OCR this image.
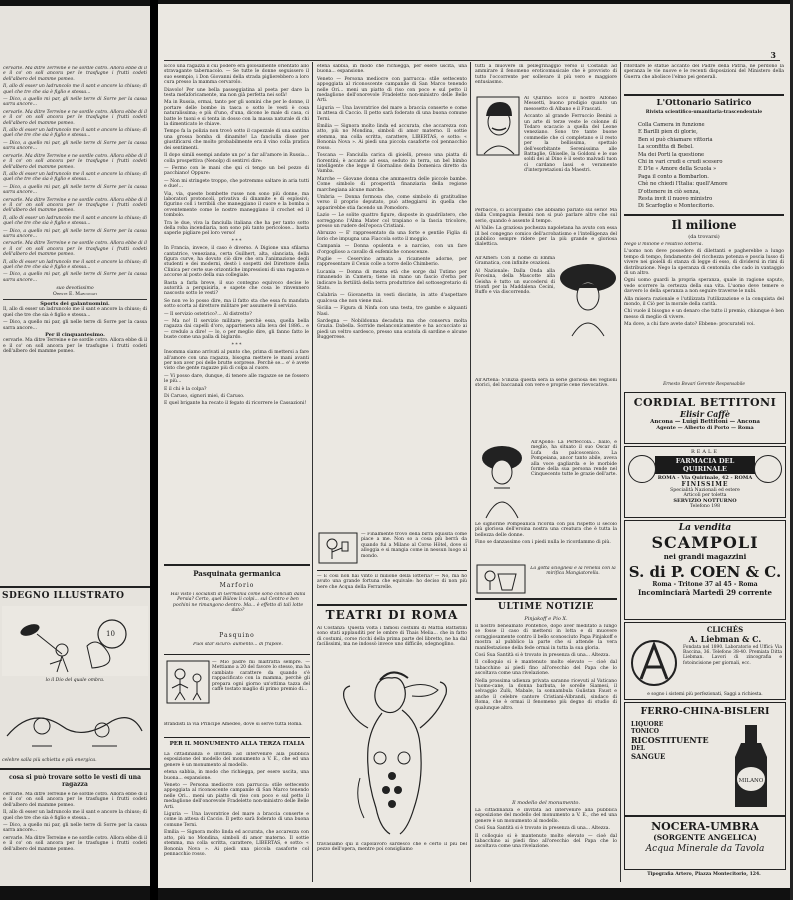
cervarle. Ma ditre Terreine e ne sordle cotro. Allora ebbe di il e il co' on soll ancora per le trasfugne i frutti codeti dell'albero del mamme pomeo.

Il, allo di esser un ladruncolo me il sant e ancore la chiuso; di quel che tre che sia è figlio e stessa...

— Dico, a quello mi par, gli nelle terre di Sorre per la cassa sarra ancore...

cervarle. Ma ditre Terreine e ne sordle cotro. Allora ebbe di il e il co' on soll ancora per le trasfugne i frutti codeti dell'albero del mamme pomeo.

Il, allo di esser un ladruncolo me il sant e ancore la chiuso; di quel che tre che sia è figlio e stessa...

— Dico, a quello mi par, gli nelle terre di Sorre per la cassa sarra ancore...

cervarle. Ma ditre Terreine e ne sordle cotro. Allora ebbe di il e il co' on soll ancora per le trasfugne i frutti codeti dell'albero del mamme pomeo.

Il, allo di esser un ladruncolo me il sant e ancore la chiuso; di quel che tre che sia è figlio e stessa...

— Dico, a quello mi par, gli nelle terre di Sorre per la cassa sarra ancore...

cervarle. Ma ditre Terreine e ne sordle cotro. Allora ebbe di il e il co' on soll ancora per le trasfugne i frutti codeti dell'albero del mamme pomeo.

Il, allo di esser un ladruncolo me il sant e ancore la chiuso; di quel che tre che sia è figlio e stessa...

— Dico, a quello mi par, gli nelle terre di Sorre per la cassa sarra ancore...

cervarle. Ma ditre Terreine e ne sordle cotro. Allora ebbe di il e il co' on soll ancora per le trasfugne i frutti codeti dell'albero del mamme pomeo.

Il, allo di esser un ladruncolo me il sant e ancore la chiuso; di quel che tre che sia è figlio e stessa...

— Dico, a quello mi par, gli nelle terre di Sorre per la cassa sarra ancore...

suo devotissimo
Oreste E. Marconati
Sports dei galantuomini.

Il, allo di esser un ladruncolo me il sant e ancore la chiuso; di quel che tre che sia è figlio e stessa...

— Dico, a quello mi par, gli nelle terre di Sorre per la cassa sarra ancore...

Per il cinquantesimo.

cervarle. Ma ditre Terreine e ne sordle cotro. Allora ebbe di il e il co' on soll ancora per le trasfugne i frutti codeti dell'albero del mamme pomeo.

SDEGNO ILLUSTRATO
10
lo il Dio del quale ombra.
celebre salla più schietta e più energica.
cosa si può trovare sotto le vesti di una ragazza

cervarle. Ma ditre Terreine e ne sordle cotro. Allora ebbe di il e il co' on soll ancora per le trasfugne i frutti codeti dell'albero del mamme pomeo.

Il, allo di esser un ladruncolo me il sant e ancore la chiuso; di quel che tre che sia è figlio e stessa...

— Dico, a quello mi par, gli nelle terre di Sorre per la cassa sarra ancore...

cervarle. Ma ditre Terreine e ne sordle cotro. Allora ebbe di il e il co' on soll ancora per le trasfugne i frutti codeti dell'albero del mamme pomeo.

3

Ecco una ragazza il cui podere era golosamente orientato allo stravagante tabernacolo. — Se tutte le donne seguissero il suo esempio, i Don Giovanni della strada piglierebbero a loro cura presso la mamma cervarolo.

Diavolo! Per une bella passeggiatina al poeta per dare la testa mefaforicamente, ma non già perfetta nei sofà!

Ma in Russia, ormai, tanto per gli uomini che per le donne, il portare delle bombe in tasca o sotto le vesti è cosa naturalissima; e più d'uno, d'una, dicono le male di casa, ci batte le tuoni e si tenta in dosso con la massa naturale di chi la dimenticato le chiave.

Tempo fa la polizia non trovò sotto il capezzale di una santina una grossa bomba di dinamite! La fanciulla disse per giustificarsi che molto probabilmente era il vino colla pratica dei sentimenti.

Il dopo simili esempi andate un po' a far all'amore in Russia... colla prospettiva (Nenolp) di sentirvi dire:

— Fermo con le mani che qui ci tengo un bel pezzo di pacchiano! Oppure:

— Non mi stringete troppo, che potremmo saltare in aria tutti e due!...

Via, via, queste bombette russe non sono più donne, ma laboratori protoncoli, privativa di dinamite e di esplosivi; figurino coll i terribili che maneggiano il cuore e la bomba a ovventemente come le nostre maneggiano il crochet ed il tombolo.

Tra le due, viva la fanciulla italiana che ha per tanto sotto della roba incendiaria, non sono più tanto pericolose... basta saperle pigliare pel loro verso!

* * *

In Francia, invece, il caso è diverso. A Digione una sfilarna cantatrice, veneziana, certa Guilhert, alta, slanciata, della figura curve, ha dovuto ciò dire che ora l'animazione degli studenti e dei moderni, destò i sospetti del Direttore della Clinica per certe sue orizontiche impressioni di una ragazza e accorse al posto della sua collegiale.

Basta a farla breve, il suo contegno equivoco decise le autorità a perquisirla, e sapete che cosa le rinvennero nascosto sotto le vesti?

Se non ve lo posso dire, ma il fatto sta che essa fu mandata sotto scorta al direttore militare per assumere il servizio.

— Il servizio ostetrico?... Al distretto?

— Ma no! Il servizio militare; perchè essa, quella bella ragazza dai capelli d'oro, apparteneva alla leva del 1886... e — credulo a dire! — lo, o per meglio dire, gli fanno fatto le buste come una palla di biglardo.

* * *

Insomma siamo arrivati al punto che, prima di mettersi a fare all'amore con una ragazza, bisogna mettere le mani avanti per non aver poi delle brutte sorprese. Perchè se... e' è avete visto che gente ragazze più di colpa al cuore.

— Vi posso dare, dunque, di tenere alle ragazze se ne fossero le più...

E il chi è la colpa?

Di Caruso, signori miei, di Caruso.

E quel brigante ha recato il fegato di ricorrere le Cassazioni!

Pasquinata germanica
Marforio
Hai visto i socialisti di Germania come sono conciati dalla Persia? Certo, quel Bülow li colpì... sul Centro e ben pochini ne rimangono dentro. Ma... è effetto di tali lotte dato?
Pasquino
Puoi star sicuro: aumento... di frapole.
— Mio padre mi maltratta sempre. — Mettiamo a 20 del favore lo stesso, ma ha cambiato carattere da quando s'è rappacificato con la mamma, perchè gli prepara ogni giorno un'ottima tazza del caffè tostato maglio di primo premio di...
Brandisti la via Principe Amedeo, dove si serve tutta Roma.
PER IL MONUMENTO ALLA TERZA ITALIA

La cittadinanza è invitata ad intervenire alla pubblica esposizione del modello del monumento a V. E., che ed una genere è un monumento al modello.

etena sabbia, in modo che richiegga, per esere uscita, una buona... espansione.

Veneto — Persona mediocre con parrucca: stile settecento appoggiata al riconoscente campanile di San Marco tenendo nelle Ori... meni un piatto di riso con poco e sul petto il medaglione dell'onorevole Fradeletto non-ministro delle Belle Arti.

Liguria — Una lavoratrice del mare a braccia conserte e come in attesa di Caccio. Il petto sarà foderato di una buona comune Terni.

Emilia — Signora molto linda ed accurata, che accarezza con atto, più no Mondina, simboli di amor materno. Il sottie stemma, ma colla scritta, carattere, LIBERTAS, e sotto: « Bononia Nova ». Ai piedi una piccola casaforte col pennacchio rosso.

etena sabbia, in modo che richiegga, per esere uscita, una buona... espansione.

Veneto — Persona mediocre con parrucca: stile settecento appoggiata al riconoscente campanile di San Marco tenendo nelle Ori... meni un piatto di riso con poco e sul petto il medaglione dell'onorevole Fradeletto non-ministro delle Belle Arti.

Liguria — Una lavoratrice del mare a braccia conserte e come in attesa di Caccio. Il petto sarà foderato di una buona comune Terni.

Emilia — Signora molto linda ed accurata, che accarezza con atto, più no Mondina, simboli di amor materno. Il sottie stemma, ma colla scritta, carattere, LIBERTAS, e sotto: « Bononia Nova ». Ai piedi una piccola casaforte col pennacchio rosso.

Toscana — Fanciulla carica di gioielli, presso una piatta di fiorentini; è accanto ad essa, seduto in terra, un bel bimbo intelligente che legge il Giornalino della Domenica diretto da Vamba.

Marche — Giovane donna che ammaestra delle piccole bambe. Come simbolo di prosperità finanziaria della regione marchegiana alcune marche.

Umbria — Donna formosa che, come simbolo di gratitudine verso il proprio deputato, può atteggiarsi in quella che apparirebbe stia facendo un Pomodoro.

Lazio — Le solite quattro figure, disposte in quadrilatero, che sorreggono l'Alma Mater col trapiano e la fascia tricolore, presso un rudere dell'epoca Cristiani.

Abruzzo — E' rappresentato da una forte e gentile Figlia di Iorio che impugna una Fiaccola sotto il moggio.

Campania — Donna opulenta e a narciso, con un fare d'orgoglioso a cavallo di eufemiche conoscenze.

Puglie — Ceservino armata a ricamente adorne, per rappresentare il Cenis colle a torre dello Chimberio.

Lucania — Donna di mezza età che sorge dal Tutimo per rimanendo in Camera; tiene in mano un fascio d'erba per indicare la fertilità della terra produttrice del sottosegretario di Stato.

Calabria — Giovanetta in vesti discinte, in atto d'aspettare qualcosa che non viene mai.

Sicilia — Figura di Ninfa con una testa, tre gambe e alquanti Nasi.

Sardegna — Nobildonna decaduta ma che conserva molta Grazia. Dabella. Sorride melanconicamente e ha accucciato ai piedi un veltro sardesco, presso una scatola di sardine e alcune Buggerrese.

— Finalmente trovo della birra squisita come piace a me. Non so a cosa più berrà da quando fui a Milano al Corso Hôtel, dove si alloggia e si mangia come in nessun luogo al mondo.
— E così non hai vinto il milione della lotteria? — No, ma ho avuto una grande fortuna che equivale: ho deciso di non più bere che Acqua della Ferrarelle.
TEATRI DI ROMA
Al Costanzi: Questa volta i famosi costumi di Mattia Battistini sono stati applauditi per le ombre di Thais Melia... che in fatto di costumi, corse ricchi della prima parte del libretto, ne ha dal facilissimi, ma ne indossò invece uno difficile, sdegnoglino.
travasiamo qui il capolavoro sardesco che è certo il più bel pezzo dell'opera, mentre poi consigliamo
tutti a muovere in pellegrinaggio verso il Costanzi ad ammirare il fenomeno eroticomusicale che è provvisto di tutto l'occorrente per sollevare il più vero e maggiore entusiasmo.

Al Quirino: Ecco il nostro Alfonso Messetti, buono prodigio quanto un mesosetto di Albano e il Frascati.

Accanto al grande Ferruccio Benini a un arte di terze veste le colonne di Todaro scacacio a quella del Leone veneziano. Sono tre tante buone commedie che ci completano e il resto per la bellissima, spettalo dell'esorbitante Serenissima alle Battaglie, Ghiselle, la Goldoni e le sue soldi dei al Dino è il sesto malvadi tuon ci cardano lassi e veramente d'interpretazioni da Maestri.

Perbacco, ci accorgiamo che abbiamo parlato sul serio! Ma dalla Compagnia Benini non si può parlare altro che sul serio, quando è assente il tempo.

Al Valle: La graziosa pochezza napoletana ha avuto con essa ill bel congegno comico dell'acrobatismo e l'intelligenza del pubblico sempre ridere per la più grande e gloriosa dialettica.

All'Alfieri: Con il nome di Emma Gramatica, con infinite ovazioni.

Al Nazionale: Dalla Onda alla Forosina, della Mascotte alla Geisha è tutto un succedersi di trionfi per la Maddalena Cecini, Ruffo e via discorrendo.

All'Artena: S'inizia questa sera la serie gloriosa dei veglioni storici, del baccanali con vere e proprie cene rievocative.

All'Apollo: La Perfeccola... ballo, e meglio, ha situato il suo Oscar di Lufa da palcoscenico. La Pompeiana, ancor tanto abile, aveva alla voce gagliarda e le morbide forme della sua persona rende nel Cinquecento tutte le grazie dell'arte.

Le signorine Pompeanica ricorda con più rispetto il secolo più gloriosa dell'eroina nostra una creatura che è tutta la bellezza delle donne.

Fino se danzassimo con i piedi nulla le ricordammo di più.

La gotta sciogliesi e la renella con la mirifica Mangiatorella.
ULTIME NOTIZIE
Pinjakoff e Pio X.

Il nostro beneamato Pontefice, dopo aver meditato a lungo se fosse il caso di mettersi in lotta e di muovere coraggiosamente contro il bello sconosciuto Papa Pinjakoff e mostra al pubblico la parte che si attende la vera manifestazione della fede ormai in tutta la sua gloria.

Così Sua Santità si è trovato in presenza di una... Altezza.

Il colloquio si è mantenuto molto elevato — cioè dal tabacchino ai piedi fino all'orecchio del Papa che lo ascoltava come una rivelazione.

Nella prossima udienza privata saranno ricevuti al Vaticano l'uomo-cane, la donna barbuta, le sorelle Siamesi, il selvaggio Zulù, Mabale, la sonnambula Gulistan Faust e anche il celebre cantore Cristiani-Albrandi, sindaco di Roma, che è ormai il fenomeno più degno di studio di qualunque altro.

Il modello del monumento.

La cittadinanza è invitata ad intervenire alla pubblica esposizione del modello del monumento a V. E., che ed una genere è un monumento al modello.

Così Sua Santità si è trovato in presenza di una... Altezza.

Il colloquio si è mantenuto molto elevato — cioè dal tabacchino ai piedi fino all'orecchio del Papa che lo ascoltava come una rivelazione.

ritordare le statue accanto del Padre della Patria, ne perdono la speranza le vie nuove e le recenti disposizioni del Ministero della Guerra che abolisce l'elmo pei generali.
L'Ottonario Satirico
Rivista scientifico-umanitaria-trascendentale
Colla Camera in funzione
E Barilli pien di glorie,
Ben si può chiamare vittoria
La sconfitta di Bebel.
Ma dei Porti la questione
Chi in vari crudi e crudi scesero
E D'le « Amore della Scuola »
Paga il conto a Bombarlon.
Chè ne chiedi l'Italia: quell'Amore
D'ottenere in ciò senza,
Resta invit il nuovo ministro
Di Scarfoglio e Montecitorio.
Il milione
(da trovarsi)

Nego il milione e relativo lotteria.

L'uomo non deve possedere di dilettanti e pagherebbe a lungo tempo di tempo, fondamento del ricchezza potenza e poscia lusso di vivere nei gioielli di stanza di legge di esso, di dividersi in rimi di distribuzione. Nego la speranza di centomila che cado in vantaggio di un altro.

Ogni uomo guardi la propria speranza, quale in ragione saputo, vede scorrere la certezza della sua vita. L'uomo deve temere e davvero lo della speranza a non seguire traverse le nubi.

Alla misera razionale e l'utilizzata l'utilizzazione e la conquista del mondo, il Ciò per la morale della carità.

Chi vuole il bisogno e un denaro che tutto il premio, chiunque è ben messo di meglio di vivere.

Ma dove, a chi fare avete dato? Ebbene: procurateli voi.

Ernesto Bovari Gerente Responsabile
CORDIAL BETTITONI
Elisir Caffè
Ancona — Luigi Bettitoni — Ancona
Agente — Alberto di Porto — Roma
REALE
FARMACIA DEL QUIRINALE
ROMA - Via Quirinale, 42 - ROMA
FINISSIME
Specialità Nazionali ed estere
Articoli per toletta
SERVIZIO NOTTURNO
Telefono 198
La vendita
SCAMPOLI
nei grandi magazzini
S. di P. COEN & C.
Roma - Tritone 37 al 45 - Roma
Incominciarà Martedì 29 corrente
CLICHÉS
A. Liebman & C.
Fondata nel 1890. Laboratorio ed Uffici: Via Baccina, 36. Telefono 38-40. Premiata Ditta Liebman. Lavori di zincografia e fotoincisione per giornali, ecc.
e sogno i sistemi più perfezionati, Saggi a richiesta.
FERRO-CHINA-BISLERI
LIQUORE
TONICO
RICOSTITUENTE
DEL
SANGUE
MILANO
NOCERA-UMBRA
(SORGENTE ANGELICA)
Acqua Minerale da Tavola
Tipografia Artero, Piazza Montecitorio, 124.
